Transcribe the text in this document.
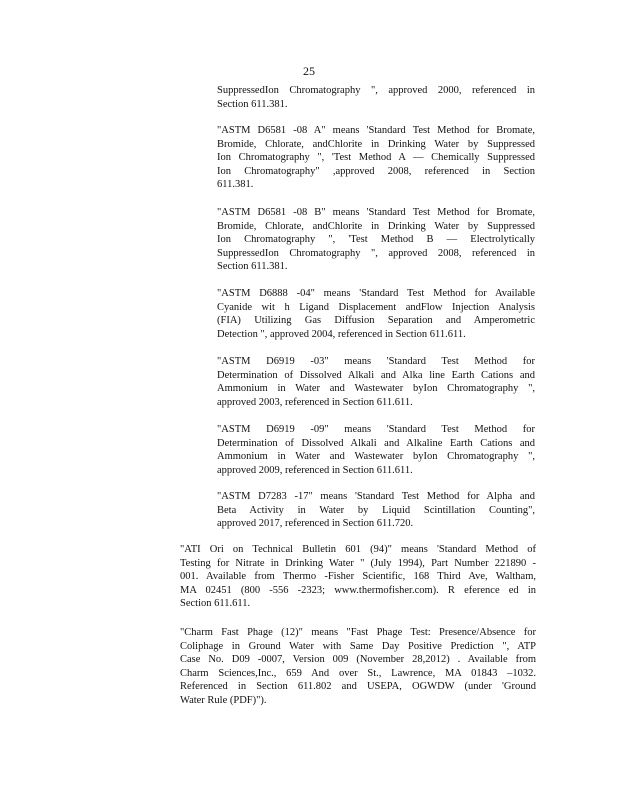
25
SuppressedIon Chromatography ", approved 2000, referenced in
Section 611.381.
"ASTM D6581 -08 A" means 'Standard Test Method for Bromate,
Bromide, Chlorate, andChlorite in Drinking Water by Suppressed
Ion Chromatography ", 'Test Method A — Chemically Suppressed
Ion Chromatography" ,approved 2008, referenced in Section
611.381.
"ASTM D6581 -08 B" means 'Standard Test Method for Bromate,
Bromide, Chlorate, andChlorite in Drinking Water by Suppressed
Ion Chromatography ", 'Test Method B — Electrolytically
SuppressedIon Chromatography ", approved 2008, referenced in
Section 611.381.
"ASTM D6888 -04" means 'Standard Test Method for Available
Cyanide wit h Ligand Displacement andFlow Injection Analysis
(FIA) Utilizing Gas Diffusion Separation and Amperometric
Detection ", approved 2004, referenced in Section 611.611.
"ASTM D6919 -03" means 'Standard Test Method for
Determination of Dissolved Alkali and Alka line Earth Cations and
Ammonium in Water and Wastewater byIon Chromatography ",
approved 2003, referenced in Section 611.611.
"ASTM D6919 -09" means 'Standard Test Method for
Determination of Dissolved Alkali and Alkaline Earth Cations and
Ammonium in Water and Wastewater byIon Chromatography ",
approved 2009, referenced in Section 611.611.
"ASTM D7283 -17" means 'Standard Test Method for Alpha and
Beta Activity in Water by Liquid Scintillation Counting",
approved 2017, referenced in Section 611.720.
"ATI Ori on Technical Bulletin 601 (94)" means 'Standard Method of
Testing for Nitrate in Drinking Water " (July 1994), Part Number 221890 -
001. Available from Thermo -Fisher Scientific, 168 Third Ave, Waltham,
MA 02451 (800 -556 -2323; www.thermofisher.com). R eference ed in
Section 611.611.
"Charm Fast Phage (12)" means "Fast Phage Test: Presence/Absence for
Coliphage in Ground Water with Same Day Positive Prediction ", ATP
Case No. D09 -0007, Version 009 (November 28,2012) . Available from
Charm Sciences,Inc., 659 And over St., Lawrence, MA 01843 –1032.
Referenced in Section 611.802 and USEPA, OGWDW (under 'Ground
Water Rule (PDF)").
